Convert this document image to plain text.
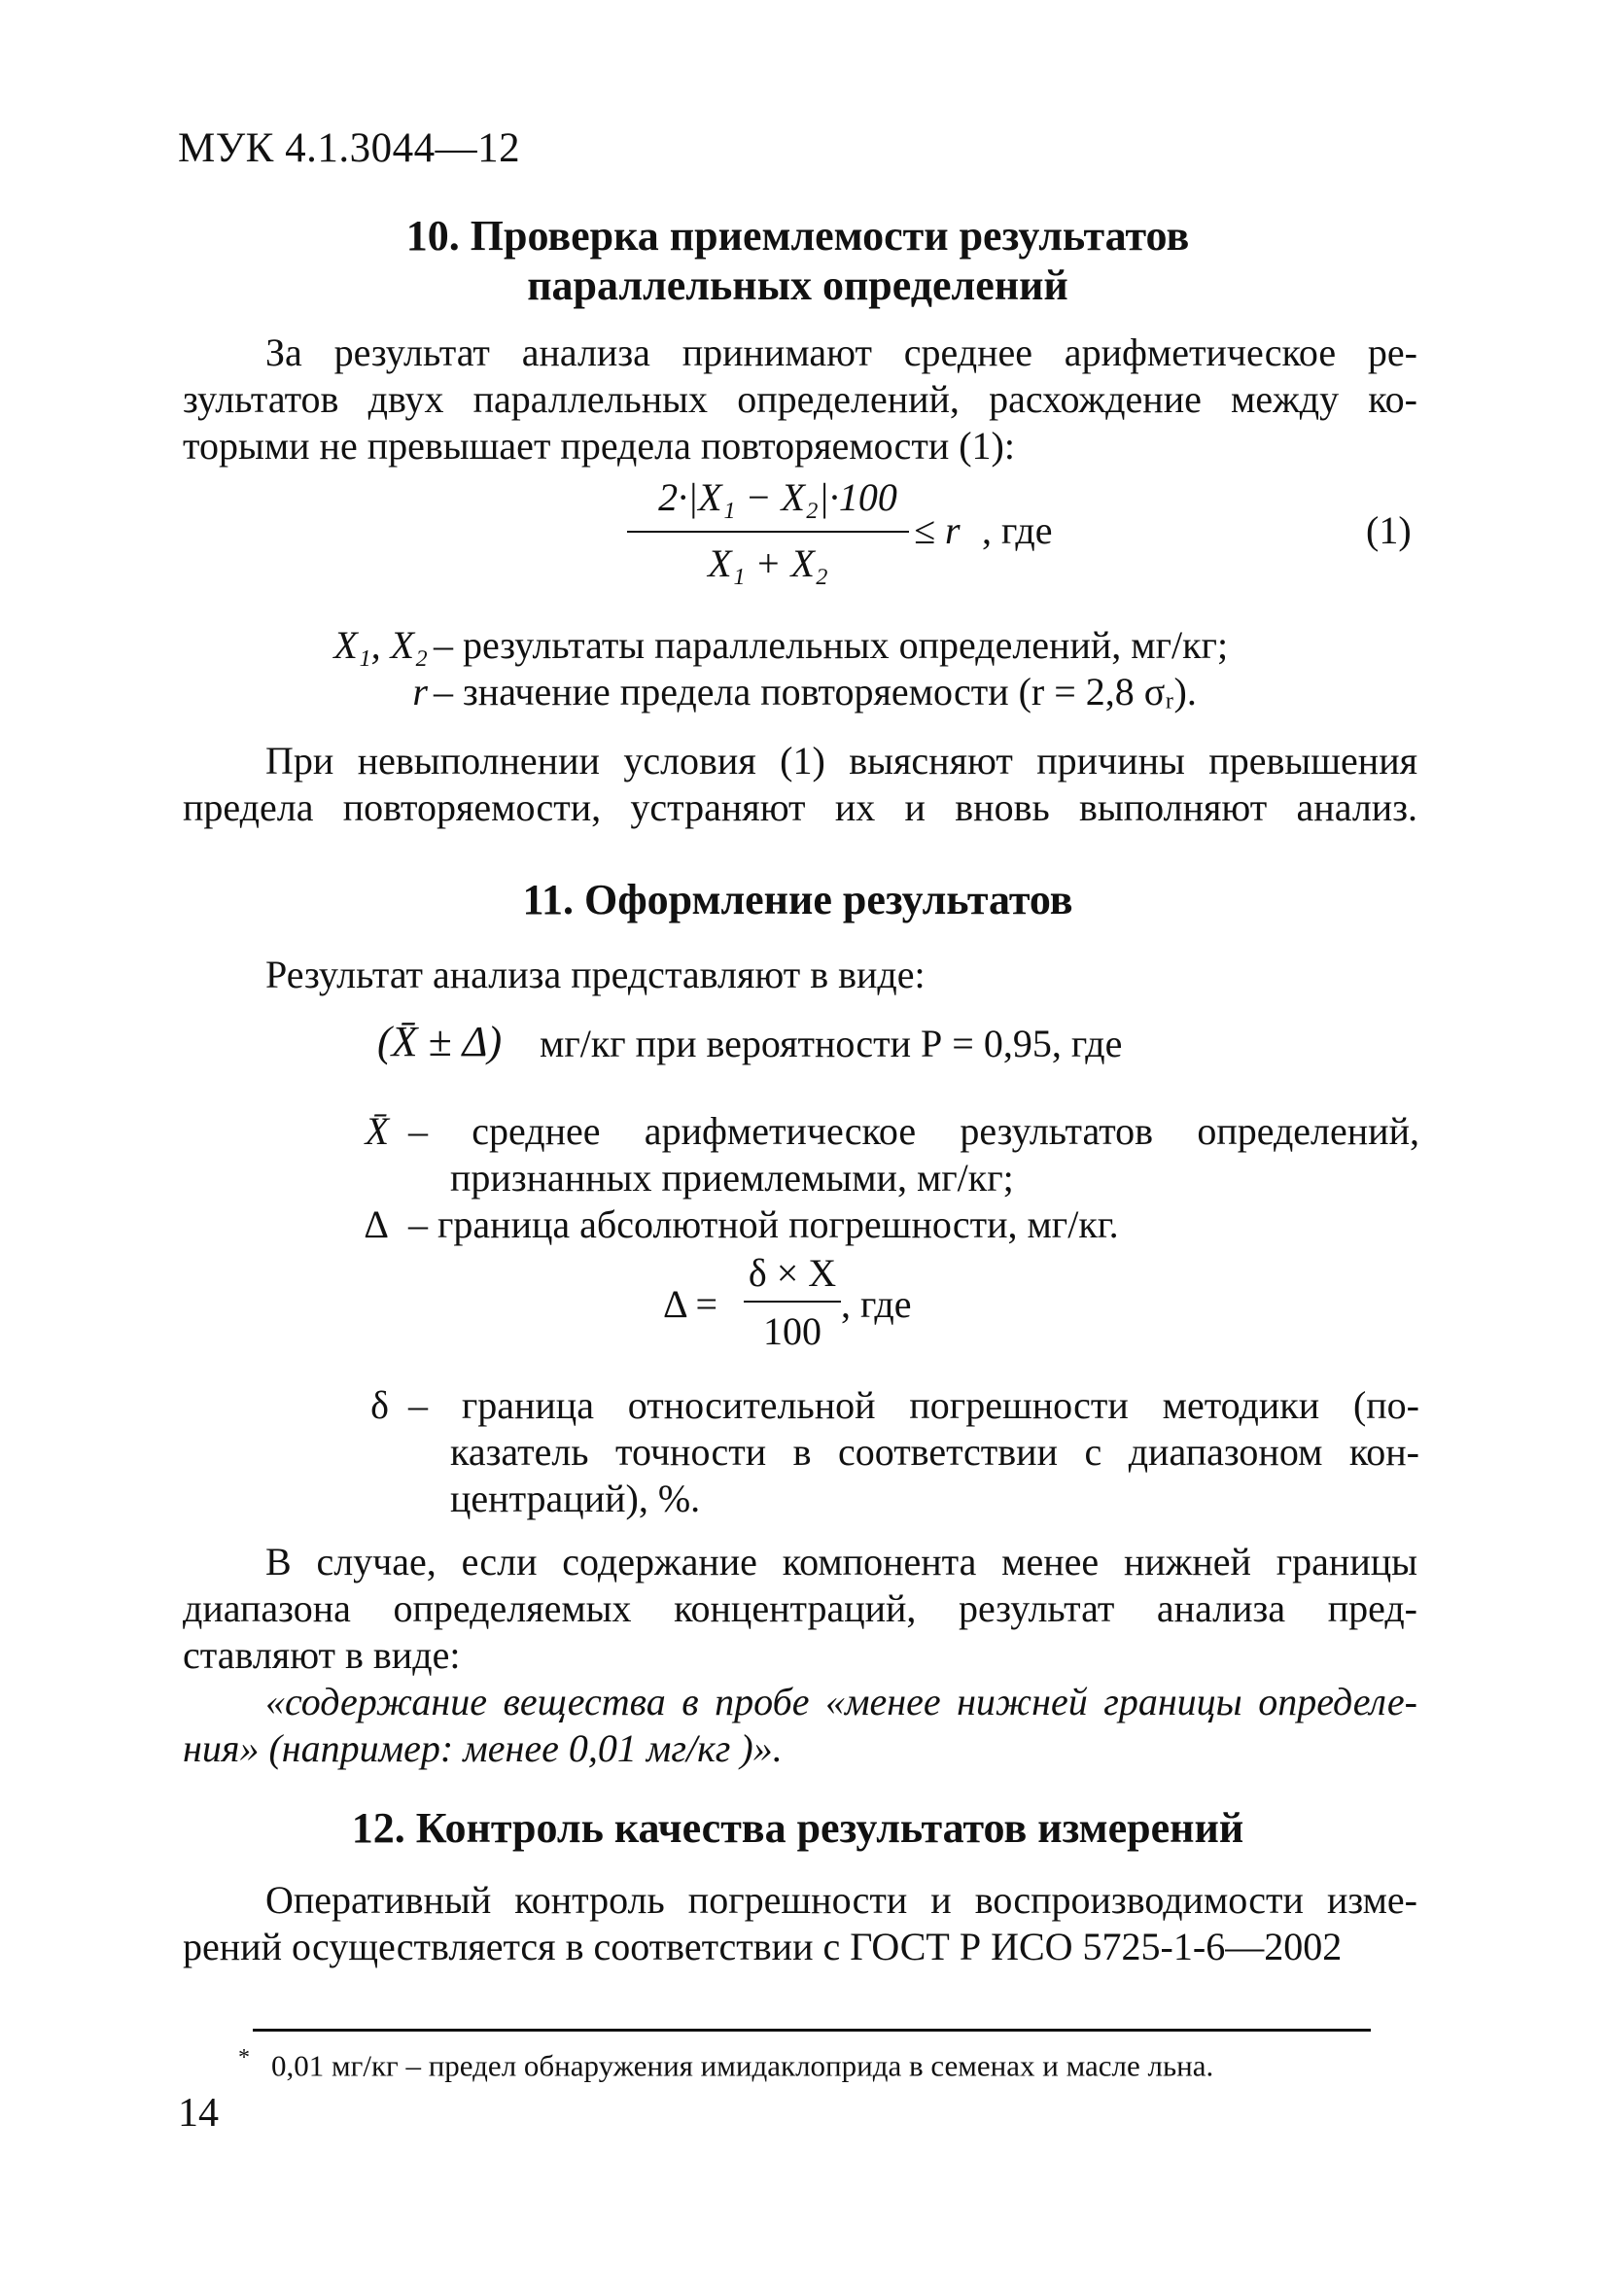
МУК 4.1.3044—12
10. Проверка приемлемости результатов
параллельных определений
За результат анализа принимают среднее арифметическое ре-
зультатов двух параллельных определений, расхождение между ко-
торыми не превышает предела повторяемости (1):
2·|X₁ − X₂|·100
X₁ + X₂
≤ r , где	(1)
X₁, X₂ – результаты параллельных определений, мг/кг;
r – значение предела повторяемости (r = 2,8 σᵣ).
При невыполнении условия (1) выясняют причины превышения
предела повторяемости, устраняют их и вновь выполняют анализ.
11. Оформление результатов
Результат анализа представляют в виде:
(X̄ ± Δ) мг/кг при вероятности Р = 0,95, где
X̄ – среднее арифметическое результатов определений,
признанных приемлемыми, мг/кг;
Δ – граница абсолютной погрешности, мг/кг.
Δ =
δ × X
100
, где
δ – граница относительной погрешности методики (по-
казатель точности в соответствии с диапазоном кон-
центраций), %.
В случае, если содержание компонента менее нижней границы
диапазона определяемых концентраций, результат анализа пред-
ставляют в виде:
«содержание вещества в пробе «менее нижней границы определе-
ния» (например: менее 0,01 мг/кг )».
12. Контроль качества результатов измерений
Оперативный контроль погрешности и воспроизводимости изме-
рений осуществляется в соответствии с ГОСТ Р ИСО 5725-1-6—2002
* 0,01 мг/кг – предел обнаружения имидаклоприда в семенах и масле льна.
14
